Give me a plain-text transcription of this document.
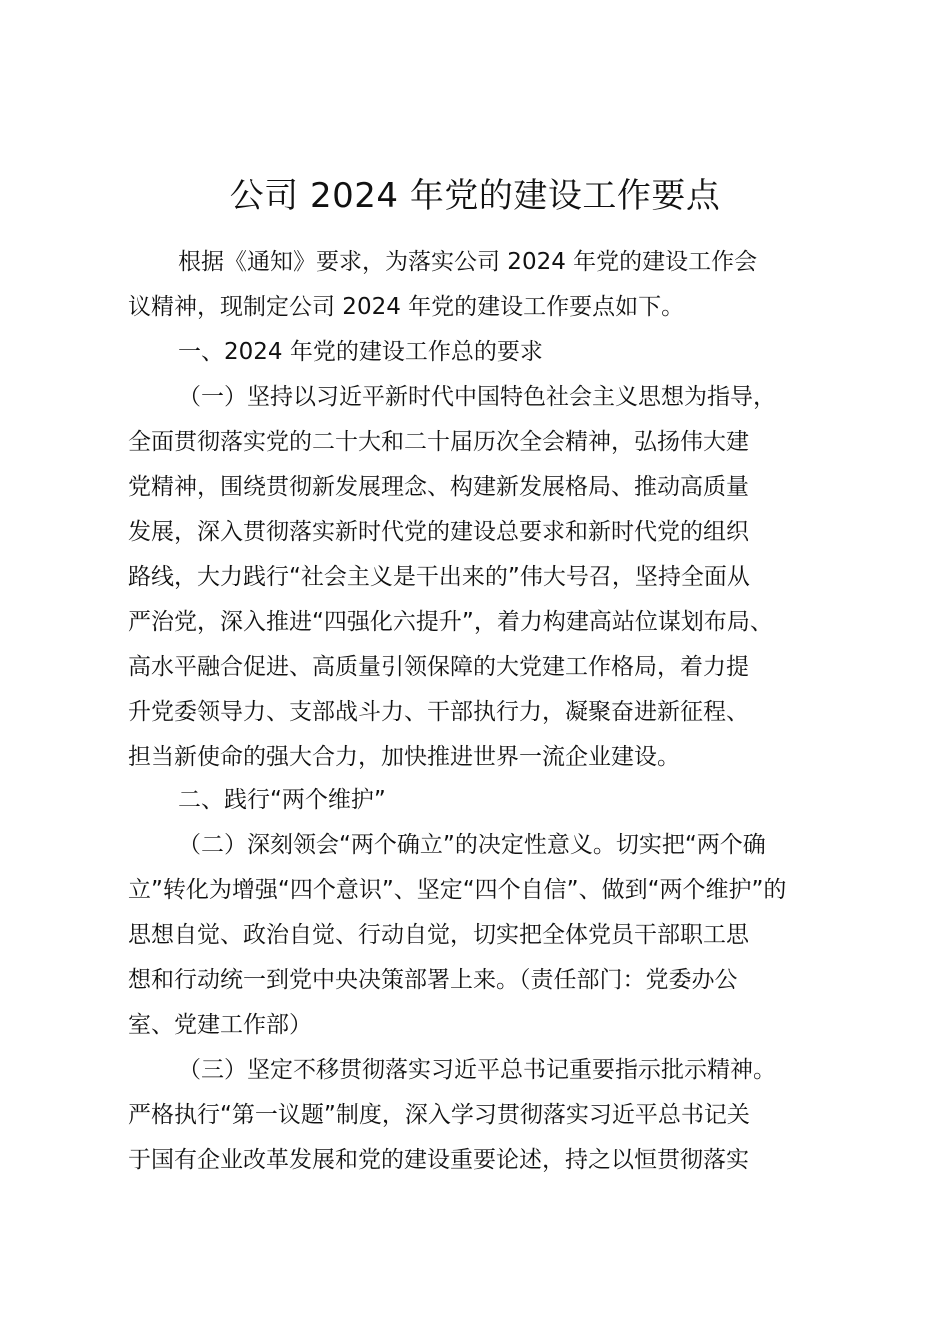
公司 2024 年党的建设工作要点
根据《通知》要求，为落实公司 2024 年党的建设工作会
议精神，现制定公司 2024 年党的建设工作要点如下。
一、2024 年党的建设工作总的要求
（一）坚持以习近平新时代中国特色社会主义思想为指导，
全面贯彻落实党的二十大和二十届历次全会精神，弘扬伟大建
党精神，围绕贯彻新发展理念、构建新发展格局、推动高质量
发展，深入贯彻落实新时代党的建设总要求和新时代党的组织
路线，大力践行“社会主义是干出来的”伟大号召，坚持全面从
严治党，深入推进“四强化六提升”，着力构建高站位谋划布局、
高水平融合促进、高质量引领保障的大党建工作格局，着力提
升党委领导力、支部战斗力、干部执行力，凝聚奋进新征程、
担当新使命的强大合力，加快推进世界一流企业建设。
二、践行“两个维护”
（二）深刻领会“两个确立”的决定性意义。切实把“两个确
立”转化为增强“四个意识”、坚定“四个自信”、做到“两个维护”的
思想自觉、政治自觉、行动自觉，切实把全体党员干部职工思
想和行动统一到党中央决策部署上来。（责任部门：党委办公
室、党建工作部）
（三）坚定不移贯彻落实习近平总书记重要指示批示精神。
严格执行“第一议题”制度，深入学习贯彻落实习近平总书记关
于国有企业改革发展和党的建设重要论述，持之以恒贯彻落实
